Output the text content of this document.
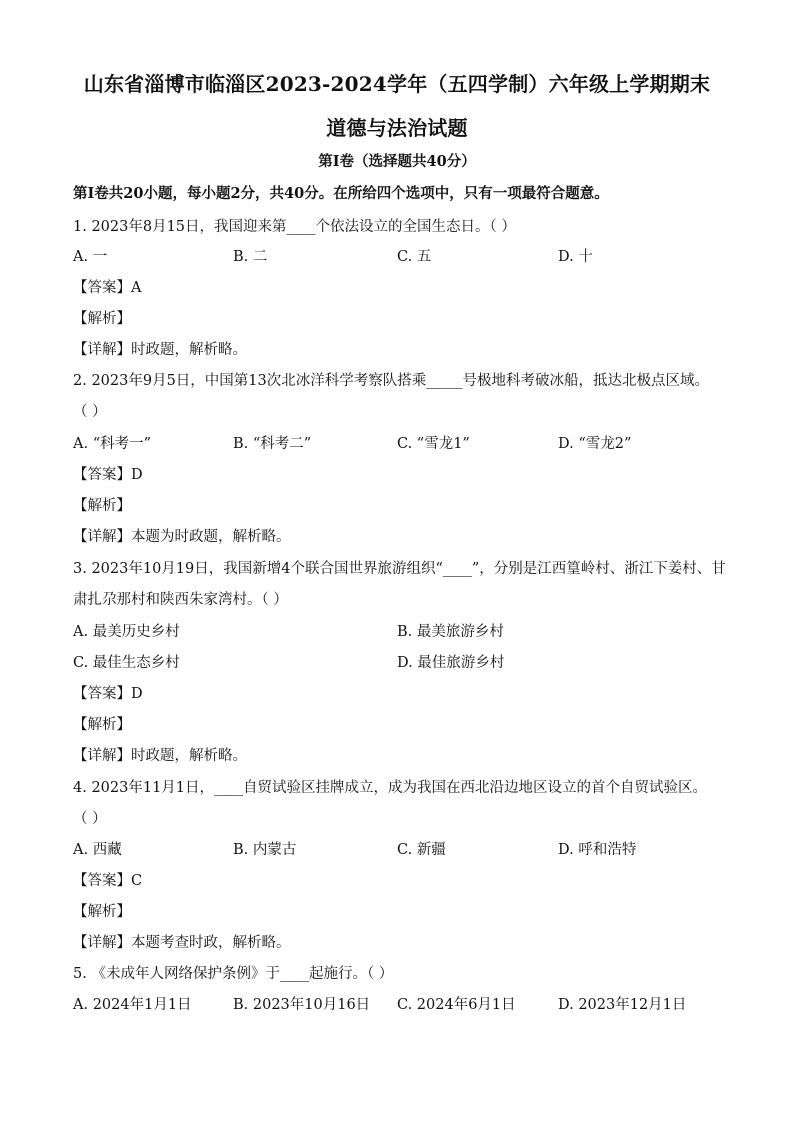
山东省淄博市临淄区2023-2024学年（五四学制）六年级上学期期末
道德与法治试题
第Ⅰ卷（选择题共40分）
第Ⅰ卷共20小题，每小题2分，共40分。在所给四个选项中，只有一项最符合题意。
1. 2023年8月15日，我国迎来第____个依法设立的全国生态日。（ ）
A. 一	B. 二	C. 五	D. 十
【答案】A
【解析】
【详解】时政题，解析略。
2. 2023年9月5日，中国第13次北冰洋科学考察队搭乘_____号极地科考破冰船，抵达北极点区域。
（ ）
A. “科考一”	B. “科考二”	C. “雪龙1”	D. “雪龙2”
【答案】D
【解析】
【详解】本题为时政题，解析略。
3. 2023年10月19日，我国新增4个联合国世界旅游组织“____”，分别是江西篁岭村、浙江下姜村、甘
肃扎尕那村和陕西朱家湾村。（ ）
A. 最美历史乡村	B. 最美旅游乡村
C. 最佳生态乡村	D. 最佳旅游乡村
【答案】D
【解析】
【详解】时政题，解析略。
4. 2023年11月1日，____自贸试验区挂牌成立，成为我国在西北沿边地区设立的首个自贸试验区。
（ ）
A. 西藏	B. 内蒙古	C. 新疆	D. 呼和浩特
【答案】C
【解析】
【详解】本题考查时政，解析略。
5. 《未成年人网络保护条例》于____起施行。（ ）
A. 2024年1月1日	B. 2023年10月16日 C. 2024年6月1日	D. 2023年12月1日
